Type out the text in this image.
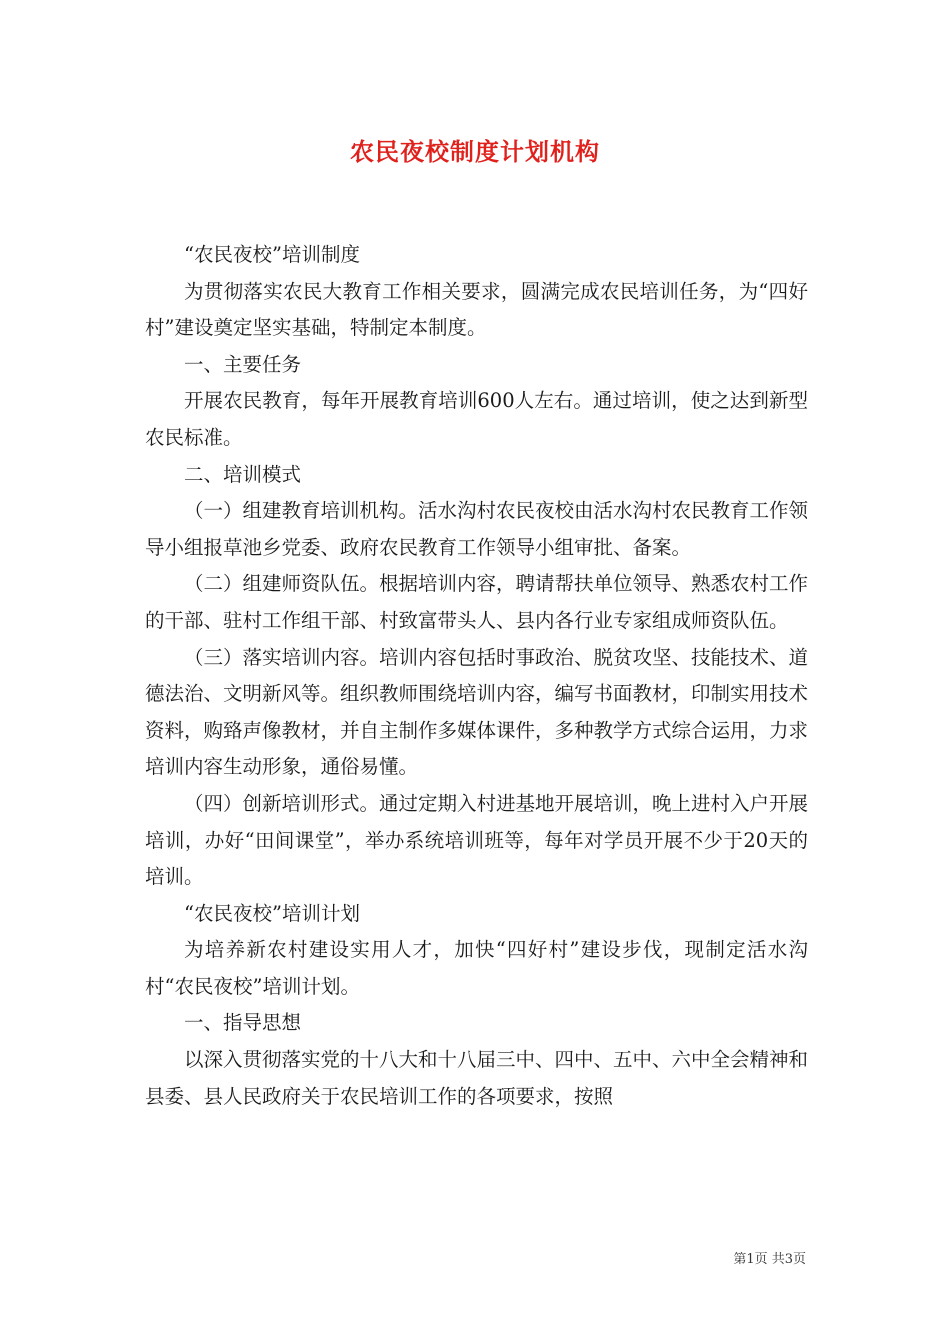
农民夜校制度计划机构

“农民夜校”培训制度

为贯彻落实农民大教育工作相关要求，圆满完成农民培训任务，为“四好村”建设奠定坚实基础，特制定本制度。

一、主要任务

开展农民教育，每年开展教育培训600人左右。通过培训，使之达到新型农民标准。

二、培训模式

（一）组建教育培训机构。活水沟村农民夜校由活水沟村农民教育工作领导小组报草池乡党委、政府农民教育工作领导小组审批、备案。

（二）组建师资队伍。根据培训内容，聘请帮扶单位领导、熟悉农村工作的干部、驻村工作组干部、村致富带头人、县内各行业专家组成师资队伍。

（三）落实培训内容。培训内容包括时事政治、脱贫攻坚、技能技术、道德法治、文明新风等。组织教师围绕培训内容，编写书面教材，印制实用技术资料，购臵声像教材，并自主制作多媒体课件，多种教学方式综合运用，力求培训内容生动形象，通俗易懂。

（四）创新培训形式。通过定期入村进基地开展培训，晚上进村入户开展培训，办好“田间课堂”，举办系统培训班等，每年对学员开展不少于20天的培训。

“农民夜校”培训计划

为培养新农村建设实用人才，加快“四好村”建设步伐，现制定活水沟村“农民夜校”培训计划。

一、指导思想

以深入贯彻落实党的十八大和十八届三中、四中、五中、六中全会精神和县委、县人民政府关于农民培训工作的各项要求，按照

第1页 共3页
